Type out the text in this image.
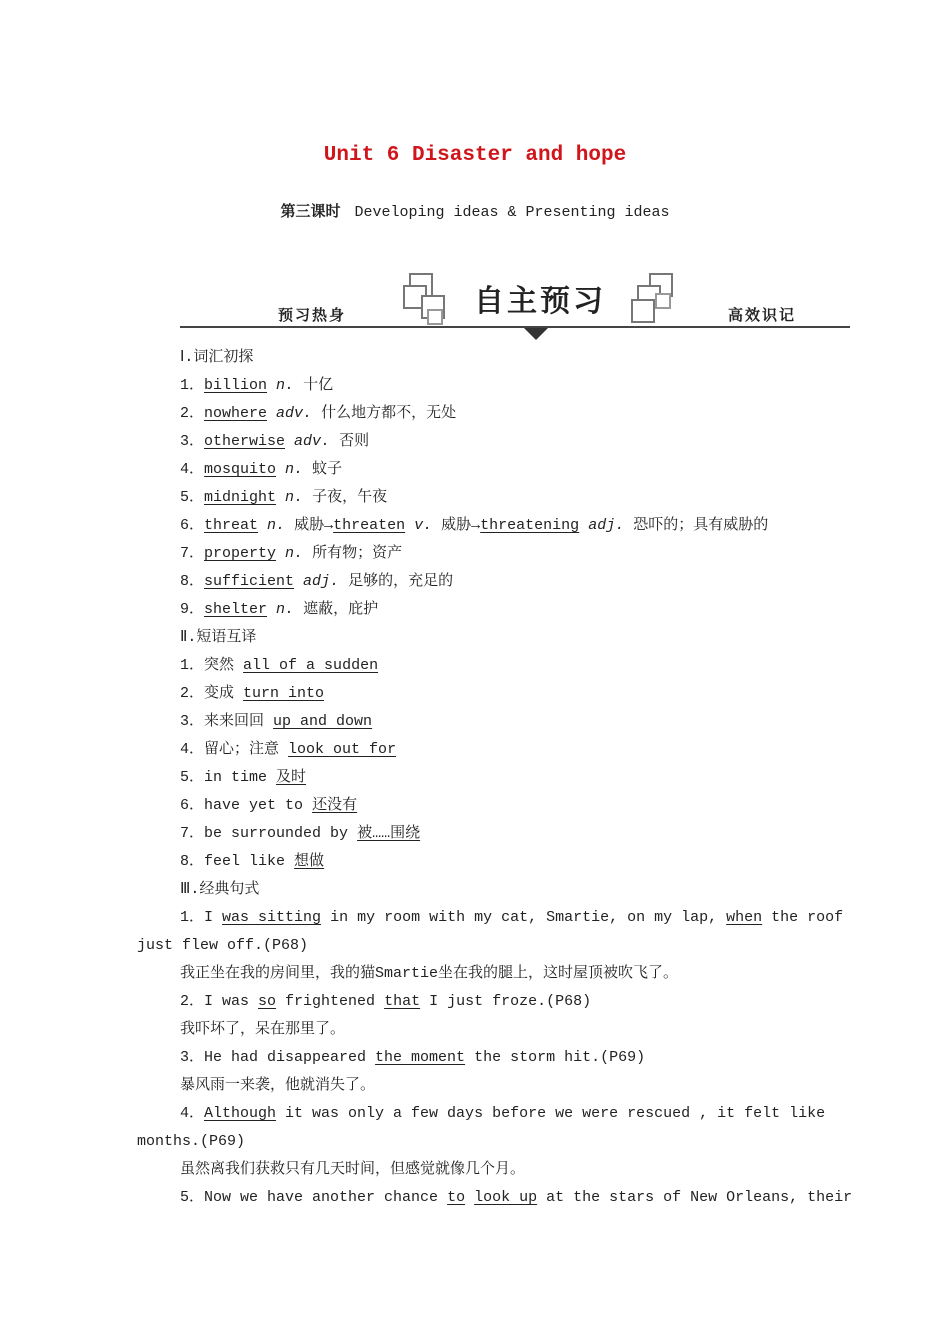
Unit 6 Disaster and hope
第三课时 Developing ideas & Presenting ideas
自主预习
预习热身	高效识记
Ⅰ.词汇初探
1．billion n. 十亿
2．nowhere adv. 什么地方都不，无处
3．otherwise adv. 否则
4．mosquito n. 蚊子
5．midnight n. 子夜，午夜
6．threat n. 威胁→threaten v. 威胁→threatening adj. 恐吓的；具有威胁的
7．property n. 所有物；资产
8．sufficient adj. 足够的，充足的
9．shelter n. 遮蔽，庇护
Ⅱ.短语互译
1．突然 all of a sudden
2．变成 turn into
3．来来回回 up and down
4．留心；注意 look out for
5．in time 及时
6．have yet to 还没有
7．be surrounded by 被……围绕
8．feel like 想做
Ⅲ.经典句式
1．I was sitting in my room with my cat, Smartie, on my lap, when the roof
just flew off.(P68)
我正坐在我的房间里，我的猫Smartie坐在我的腿上，这时屋顶被吹飞了。
2．I was so frightened that I just froze.(P68)
我吓坏了，呆在那里了。
3．He had disappeared the moment the storm hit.(P69)
暴风雨一来袭，他就消失了。
4．Although it was only a few days before we were rescued , it felt like
months.(P69)
虽然离我们获救只有几天时间，但感觉就像几个月。
5．Now we have another chance to look up at the stars of New Orleans, their
